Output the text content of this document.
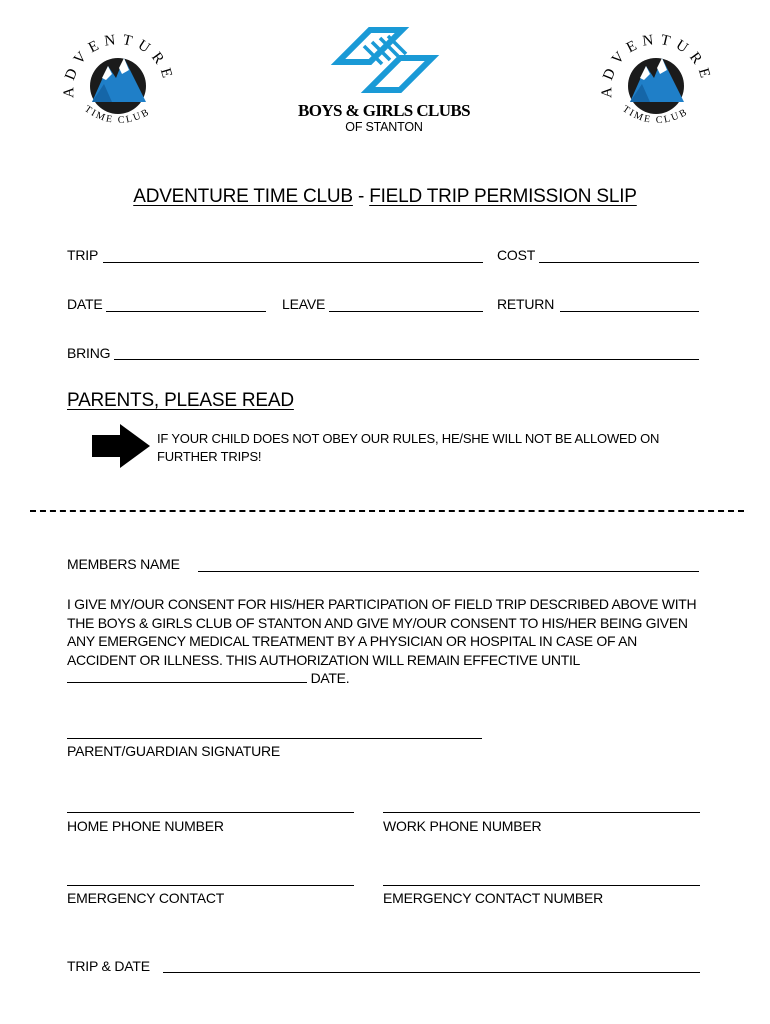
ADVENTURE
TIME CLUB	BOYS & GIRLS CLUBS
OF STANTON
ADVENTURE
TIME CLUB
ADVENTURE TIME CLUB - FIELD TRIP PERMISSION SLIP
TRIP	COST
DATE	LEAVE	RETURN
BRING
PARENTS, PLEASE READ
IF YOUR CHILD DOES NOT OBEY OUR RULES, HE/SHE WILL NOT BE ALLOWED ON FURTHER TRIPS!
MEMBERS NAME
I GIVE MY/OUR CONSENT FOR HIS/HER PARTICIPATION OF FIELD TRIP DESCRIBED ABOVE WITH THE BOYS & GIRLS CLUB OF STANTON AND GIVE MY/OUR CONSENT TO HIS/HER BEING GIVEN ANY EMERGENCY MEDICAL TREATMENT BY A PHYSICIAN OR HOSPITAL IN CASE OF AN ACCIDENT OR ILLNESS. THIS AUTHORIZATION WILL REMAIN EFFECTIVE UNTIL  DATE.
PARENT/GUARDIAN SIGNATURE
HOME PHONE NUMBER	WORK PHONE NUMBER
EMERGENCY CONTACT	EMERGENCY CONTACT NUMBER
TRIP & DATE
